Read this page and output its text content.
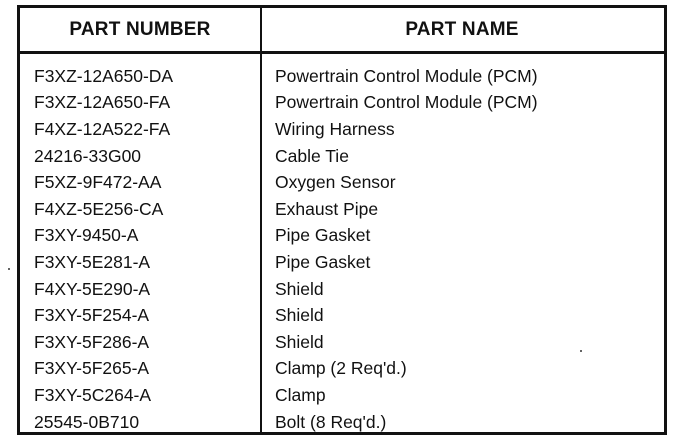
PART NUMBER	PART NAME
F3XZ-12A650-DA	Powertrain Control Module (PCM)
F3XZ-12A650-FA	Powertrain Control Module (PCM)
F4XZ-12A522-FA	Wiring Harness
24216-33G00	Cable Tie
F5XZ-9F472-AA	Oxygen Sensor
F4XZ-5E256-CA	Exhaust Pipe
F3XY-9450-A	Pipe Gasket
F3XY-5E281-A	Pipe Gasket
F4XY-5E290-A	Shield
F3XY-5F254-A	Shield
F3XY-5F286-A	Shield
F3XY-5F265-A	Clamp (2 Req'd.)
F3XY-5C264-A	Clamp
25545-0B710	Bolt (8 Req'd.)
